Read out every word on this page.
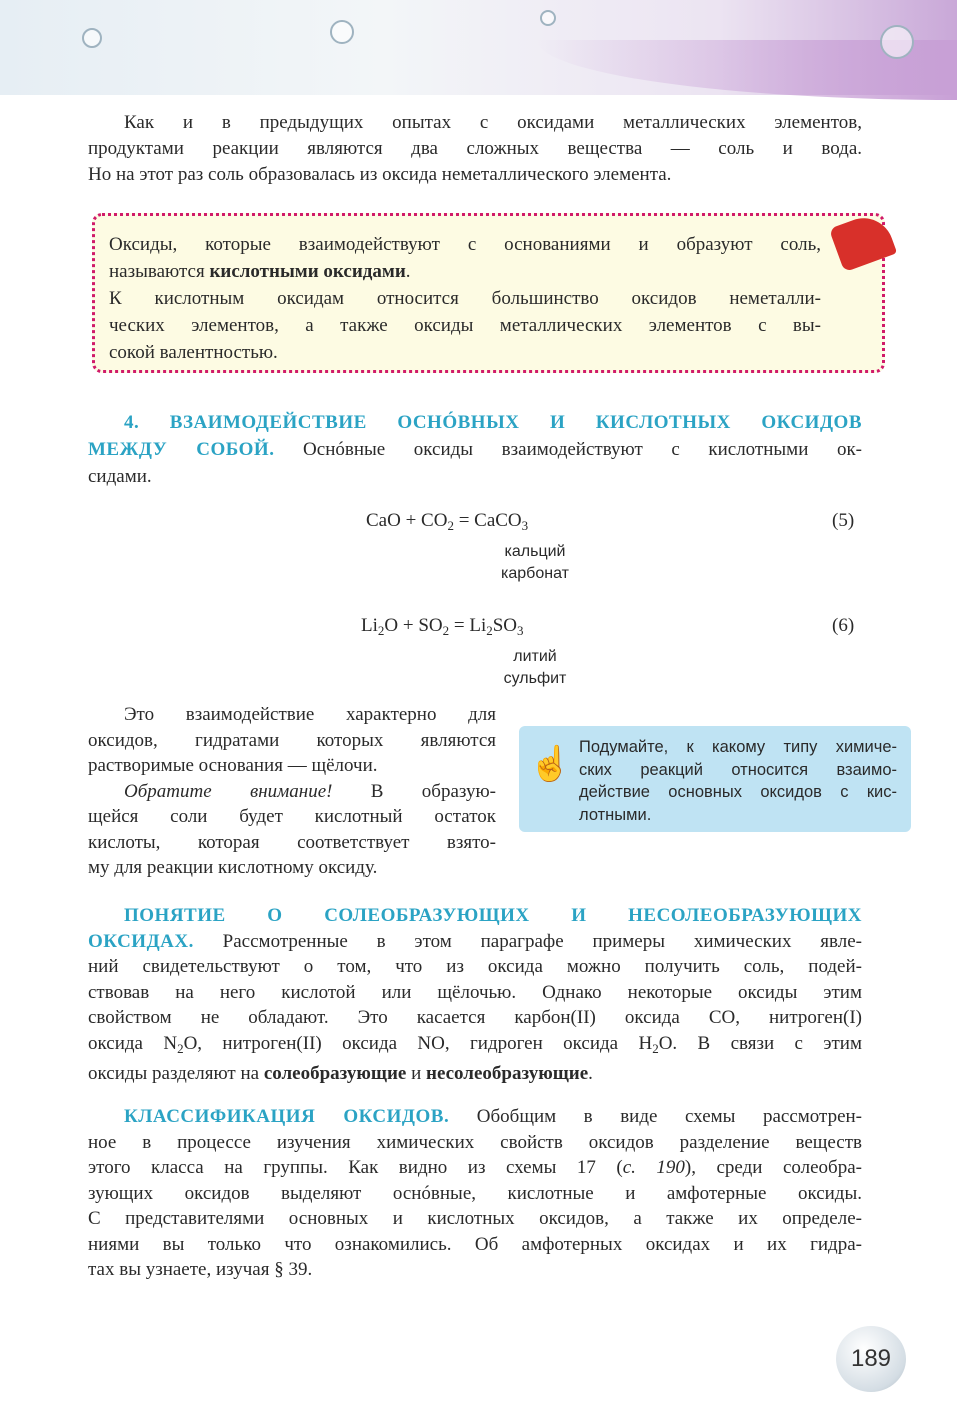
Как и в предыдущих опытах с оксидами металлических элементов,
продуктами реакции являются два сложных вещества — соль и вода.
Но на этот раз соль образовалась из оксида неметаллического элемента.
Оксиды, которые взаимодействуют с основаниями и образуют соль,
называются кислотными оксидами.
К кислотным оксидам относится большинство оксидов неметалли-
ческих элементов, а также оксиды металлических элементов с вы-
сокой валентностью.
4. ВЗАИМОДЕЙСТВИЕ ОСНÓВНЫХ И КИСЛОТНЫХ ОКСИДОВ
МЕЖДУ СОБОЙ. Оснóвные оксиды взаимодействуют с кислотными ок-
сидами.
CaO + $CO_2$ = CaCO$_3$	(5)
кальций
карбонат
$Li_2O + SO_2 = Li_2SO_3$	(6)
литий
сульфит
Это взаимодействие характерно для
оксидов, гидратами которых являются
растворимые основания — щёлочи.
Обратите внимание! В образую-
щейся соли будет кислотный остаток
кислоты, которая соответствует взято-
му для реакции кислотному оксиду.
☝ Подумайте, к какому типу химиче-
ских реакций относится взаимо-
действие основных оксидов с кис-
лотными.
ПОНЯТИЕ О СОЛЕОБРАЗУЮЩИХ И НЕСОЛЕОБРАЗУЮЩИХ
ОКСИДАХ. Рассмотренные в этом параграфе примеры химических явле-
ний свидетельствуют о том, что из оксида можно получить соль, подей-
ствовав на него кислотой или щёлочью. Однако некоторые оксиды этим
свойством не обладают. Это касается карбон(II) оксида CO, нитроген(I)
оксида $N_2O$, нитроген(II) оксида NO, гидроген оксида $H_2O$. В связи с этим
оксиды разделяют на солеобразующие и несолеобразующие.
КЛАССИФИКАЦИЯ ОКСИДОВ. Обобщим в виде схемы рассмотрен-
ное в процессе изучения химических свойств оксидов разделение веществ
этого класса на группы. Как видно из схемы 17 (с. 190), среди солеобра-
зующих оксидов выделяют оснóвные, кислотные и амфотерные оксиды.
С представителями основных и кислотных оксидов, а также их определе-
ниями вы только что ознакомились. Об амфотерных оксидах и их гидра-
тах вы узнаете, изучая § 39.
189
